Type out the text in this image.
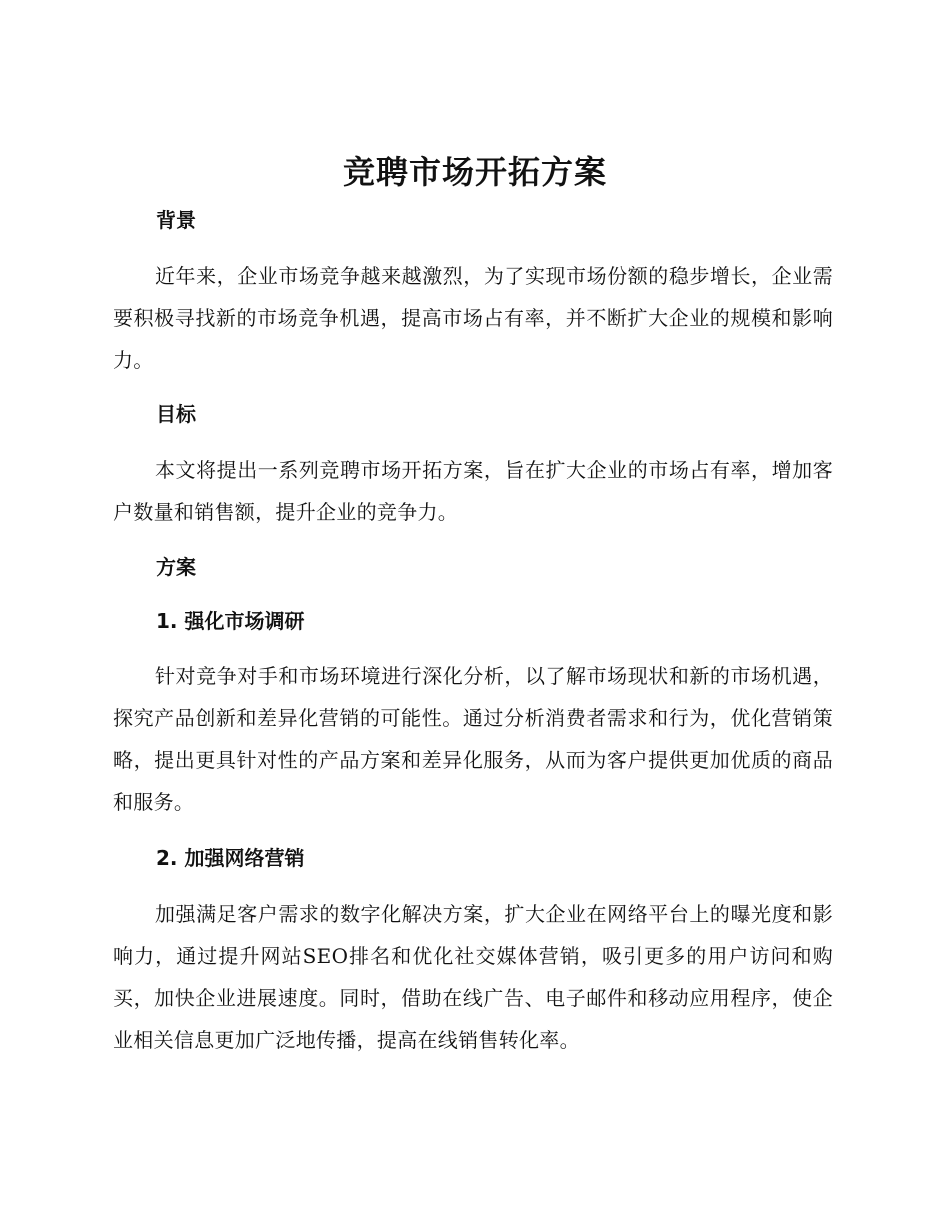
竞聘市场开拓方案
背景

近年来，企业市场竞争越来越激烈，为了实现市场份额的稳步增长，企业需要积极寻找新的市场竞争机遇，提高市场占有率，并不断扩大企业的规模和影响力。

目标

本文将提出一系列竞聘市场开拓方案，旨在扩大企业的市场占有率，增加客户数量和销售额，提升企业的竞争力。

方案
1. 强化市场调研

针对竞争对手和市场环境进行深化分析，以了解市场现状和新的市场机遇，探究产品创新和差异化营销的可能性。通过分析消费者需求和行为，优化营销策略，提出更具针对性的产品方案和差异化服务，从而为客户提供更加优质的商品和服务。

2. 加强网络营销

加强满足客户需求的数字化解决方案，扩大企业在网络平台上的曝光度和影响力，通过提升网站SEO排名和优化社交媒体营销，吸引更多的用户访问和购买，加快企业进展速度。同时，借助在线广告、电子邮件和移动应用程序，使企业相关信息更加广泛地传播，提高在线销售转化率。
